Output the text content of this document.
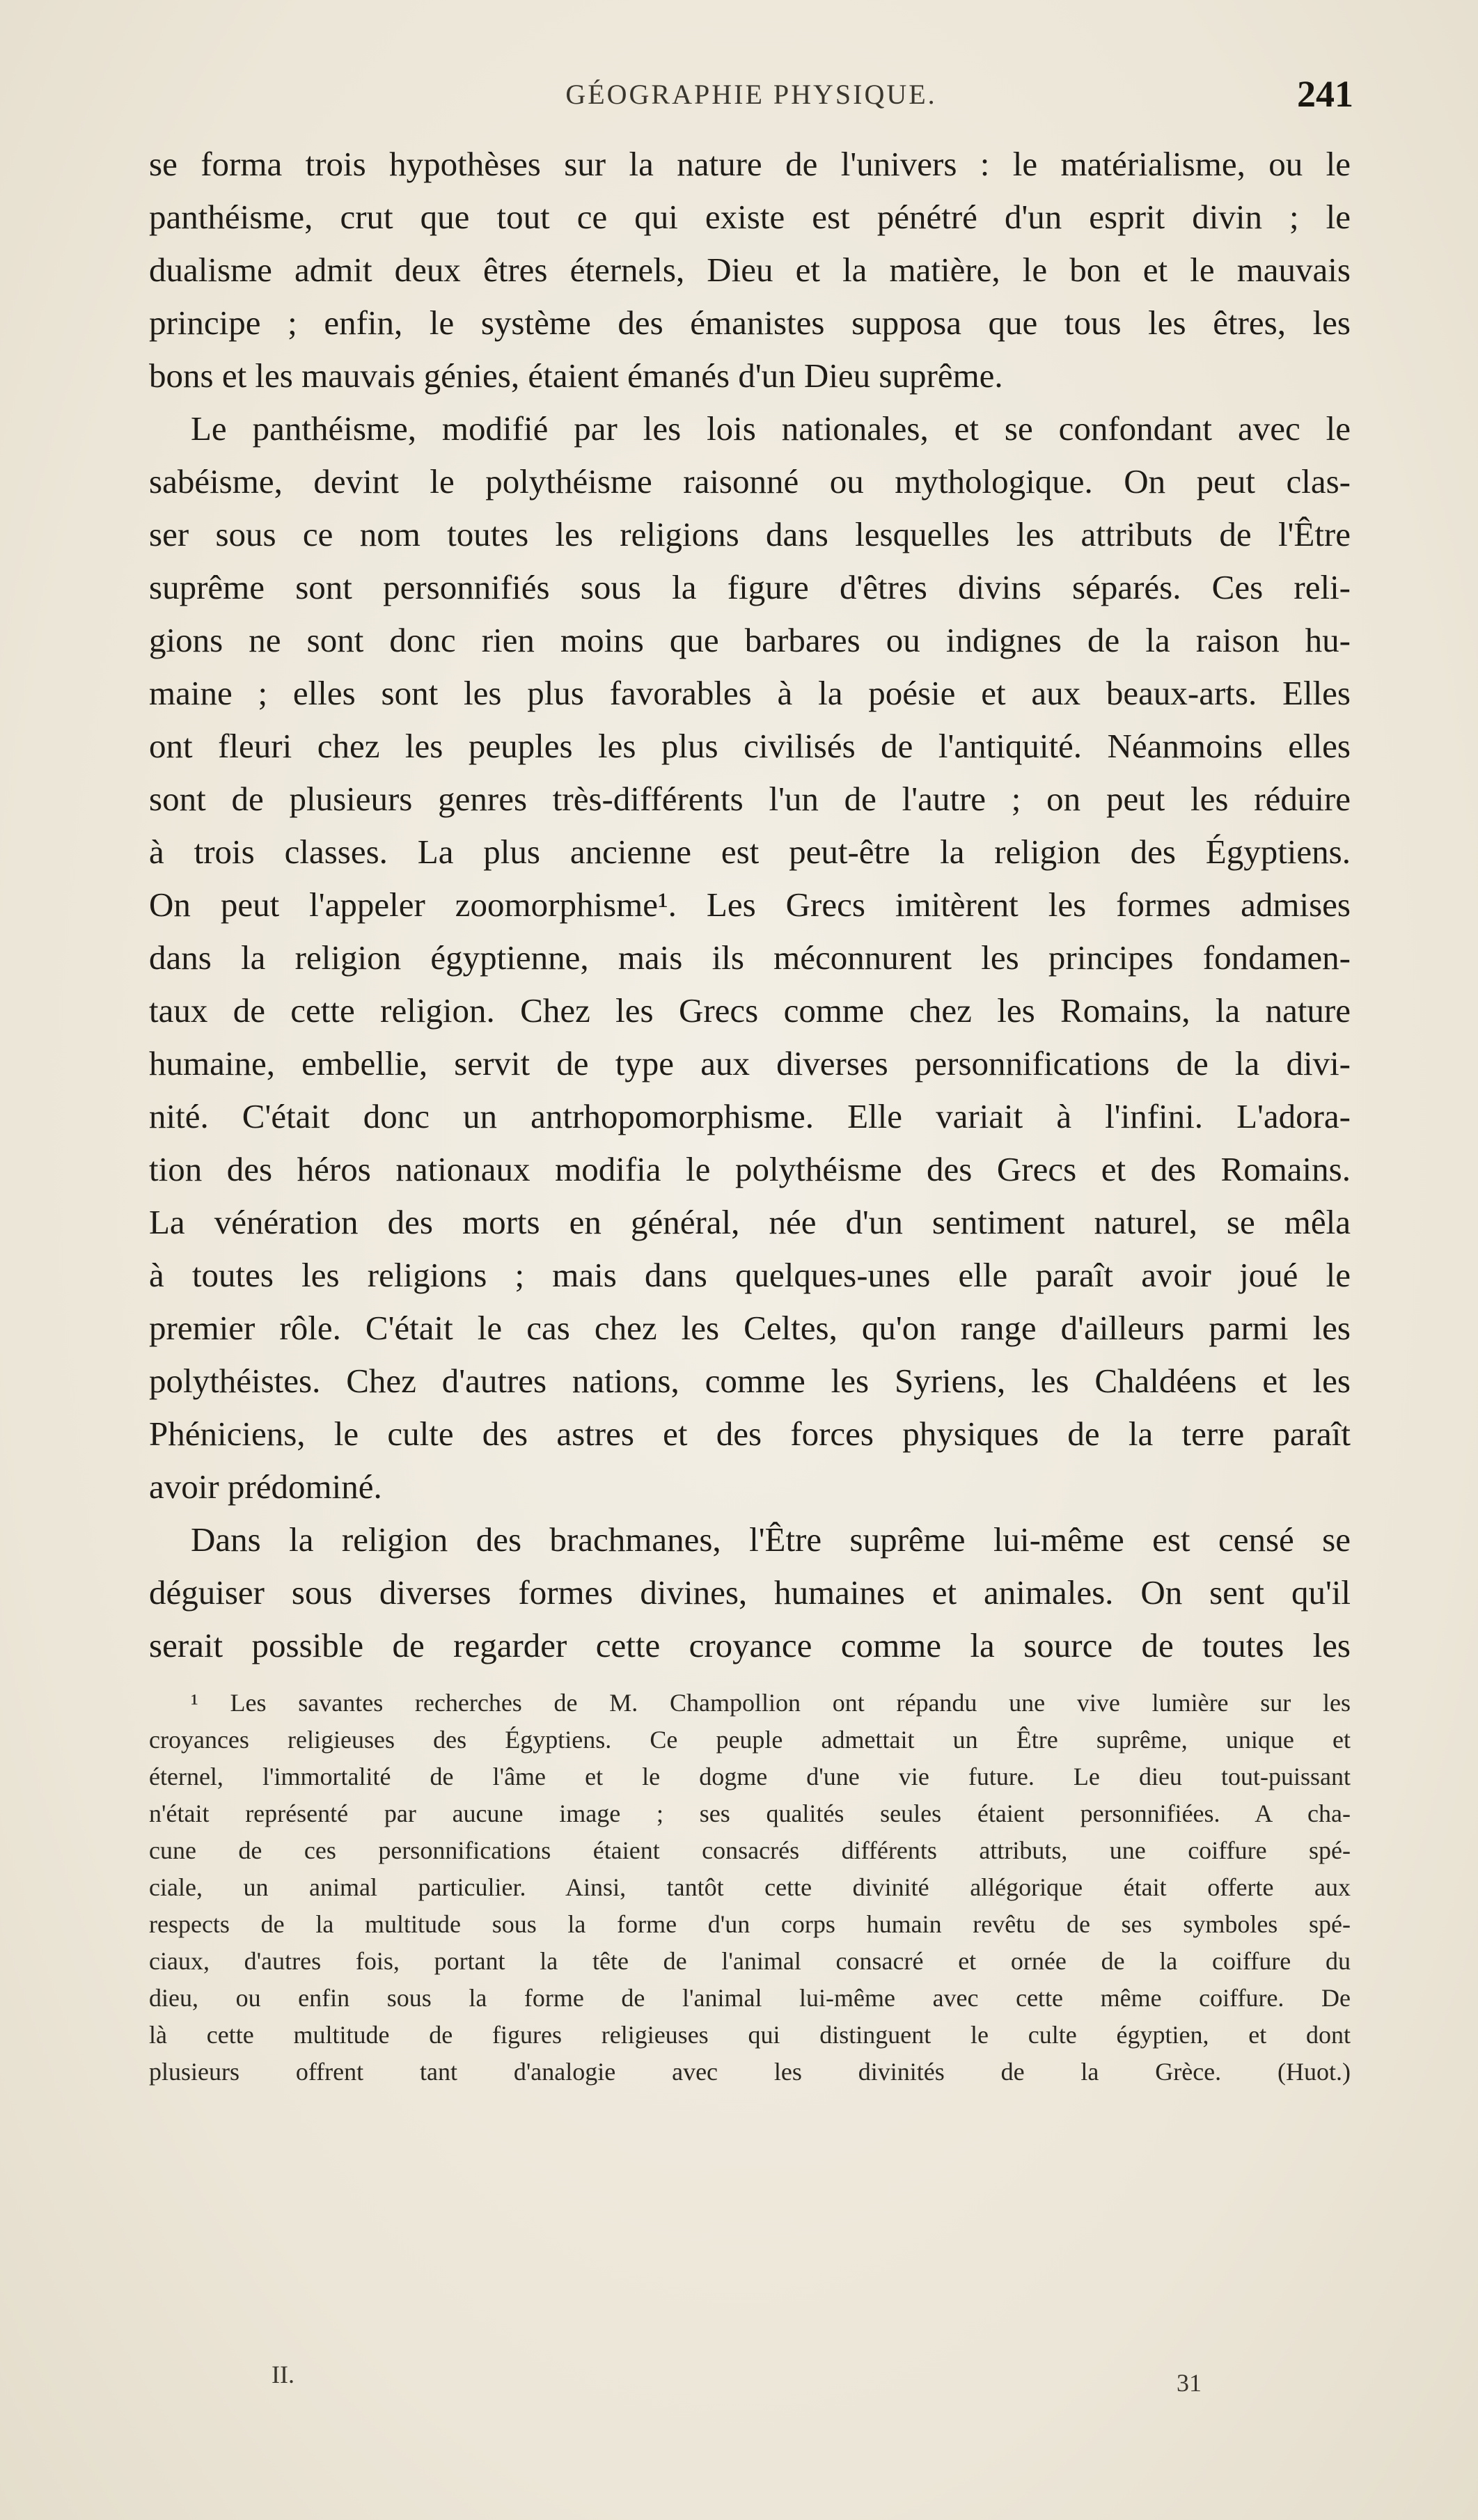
GÉOGRAPHIE PHYSIQUE.	241
se forma trois hypothèses sur la nature de l'univers : le matérialisme, ou le
panthéisme, crut que tout ce qui existe est pénétré d'un esprit divin ; le
dualisme admit deux êtres éternels, Dieu et la matière, le bon et le mauvais
principe ; enfin, le système des émanistes supposa que tous les êtres, les
bons et les mauvais génies, étaient émanés d'un Dieu suprême.
Le panthéisme, modifié par les lois nationales, et se confondant avec le
sabéisme, devint le polythéisme raisonné ou mythologique. On peut clas-
ser sous ce nom toutes les religions dans lesquelles les attributs de l'Être
suprême sont personnifiés sous la figure d'êtres divins séparés. Ces reli-
gions ne sont donc rien moins que barbares ou indignes de la raison hu-
maine ; elles sont les plus favorables à la poésie et aux beaux-arts. Elles
ont fleuri chez les peuples les plus civilisés de l'antiquité. Néanmoins elles
sont de plusieurs genres très-différents l'un de l'autre ; on peut les réduire
à trois classes. La plus ancienne est peut-être la religion des Égyptiens.
On peut l'appeler zoomorphisme¹. Les Grecs imitèrent les formes admises
dans la religion égyptienne, mais ils méconnurent les principes fondamen-
taux de cette religion. Chez les Grecs comme chez les Romains, la nature
humaine, embellie, servit de type aux diverses personnifications de la divi-
nité. C'était donc un antrhopomorphisme. Elle variait à l'infini. L'adora-
tion des héros nationaux modifia le polythéisme des Grecs et des Romains.
La vénération des morts en général, née d'un sentiment naturel, se mêla
à toutes les religions ; mais dans quelques-unes elle paraît avoir joué le
premier rôle. C'était le cas chez les Celtes, qu'on range d'ailleurs parmi les
polythéistes. Chez d'autres nations, comme les Syriens, les Chaldéens et les
Phéniciens, le culte des astres et des forces physiques de la terre paraît
avoir prédominé.
Dans la religion des brachmanes, l'Être suprême lui-même est censé se
déguiser sous diverses formes divines, humaines et animales. On sent qu'il
serait possible de regarder cette croyance comme la source de toutes les
¹ Les savantes recherches de M. Champollion ont répandu une vive lumière sur les
croyances religieuses des Égyptiens. Ce peuple admettait un Être suprême, unique et
éternel, l'immortalité de l'âme et le dogme d'une vie future. Le dieu tout-puissant
n'était représenté par aucune image ; ses qualités seules étaient personnifiées. A cha-
cune de ces personnifications étaient consacrés différents attributs, une coiffure spé-
ciale, un animal particulier. Ainsi, tantôt cette divinité allégorique était offerte aux
respects de la multitude sous la forme d'un corps humain revêtu de ses symboles spé-
ciaux, d'autres fois, portant la tête de l'animal consacré et ornée de la coiffure du
dieu, ou enfin sous la forme de l'animal lui-même avec cette même coiffure. De
là cette multitude de figures religieuses qui distinguent le culte égyptien, et dont
plusieurs offrent tant d'analogie avec les divinités de la Grèce. (Huot.)
II.	31
